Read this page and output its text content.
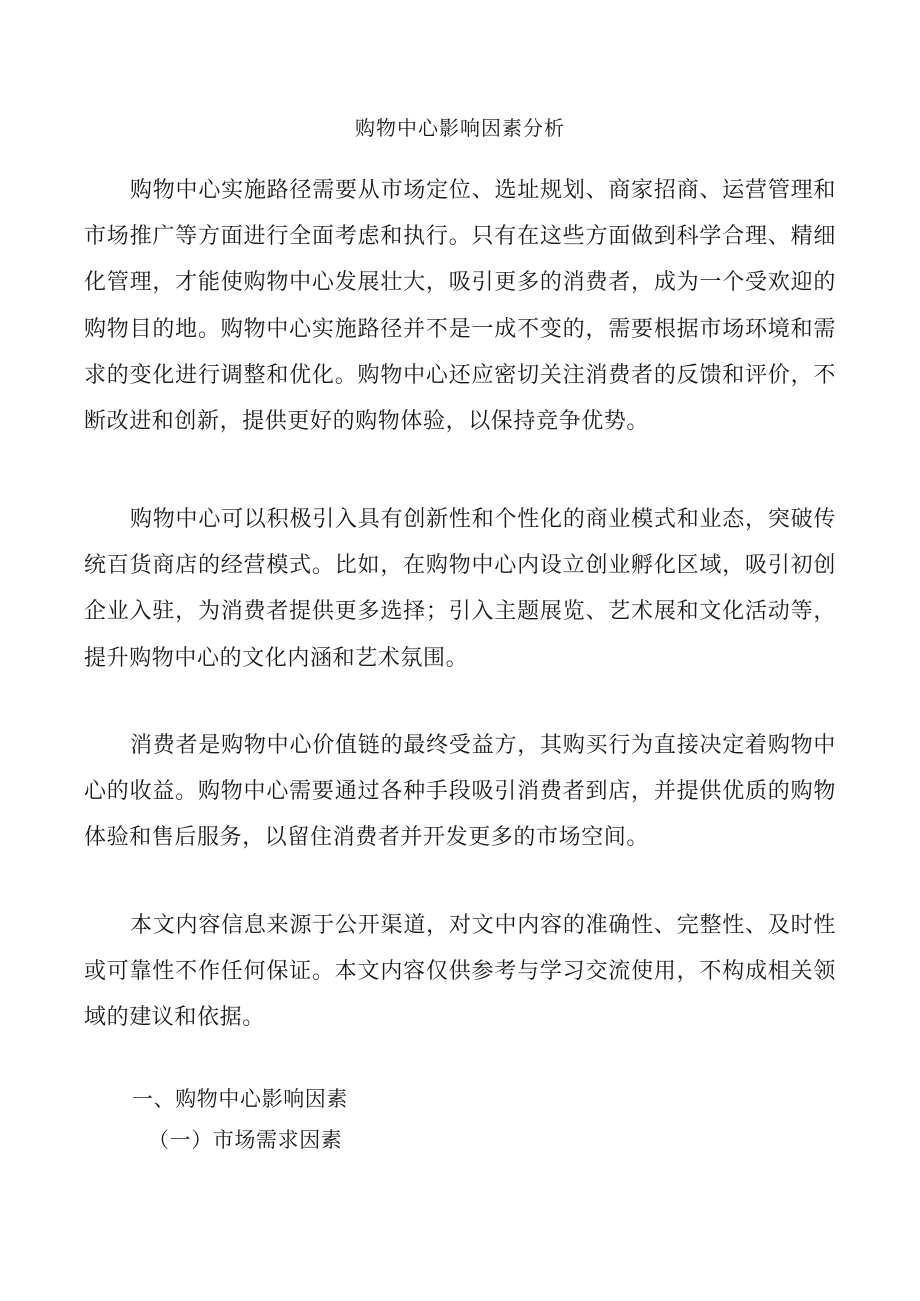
购物中心影响因素分析

购物中心实施路径需要从市场定位、选址规划、商家招商、运营管理和市场推广等方面进行全面考虑和执行。只有在这些方面做到科学合理、精细化管理，才能使购物中心发展壮大，吸引更多的消费者，成为一个受欢迎的购物目的地。购物中心实施路径并不是一成不变的，需要根据市场环境和需求的变化进行调整和优化。购物中心还应密切关注消费者的反馈和评价，不断改进和创新，提供更好的购物体验，以保持竞争优势。

购物中心可以积极引入具有创新性和个性化的商业模式和业态，突破传统百货商店的经营模式。比如，在购物中心内设立创业孵化区域，吸引初创企业入驻，为消费者提供更多选择；引入主题展览、艺术展和文化活动等，提升购物中心的文化内涵和艺术氛围。

消费者是购物中心价值链的最终受益方，其购买行为直接决定着购物中心的收益。购物中心需要通过各种手段吸引消费者到店，并提供优质的购物体验和售后服务，以留住消费者并开发更多的市场空间。

本文内容信息来源于公开渠道，对文中内容的准确性、完整性、及时性或可靠性不作任何保证。本文内容仅供参考与学习交流使用，不构成相关领域的建议和依据。

一、购物中心影响因素
（一）市场需求因素
